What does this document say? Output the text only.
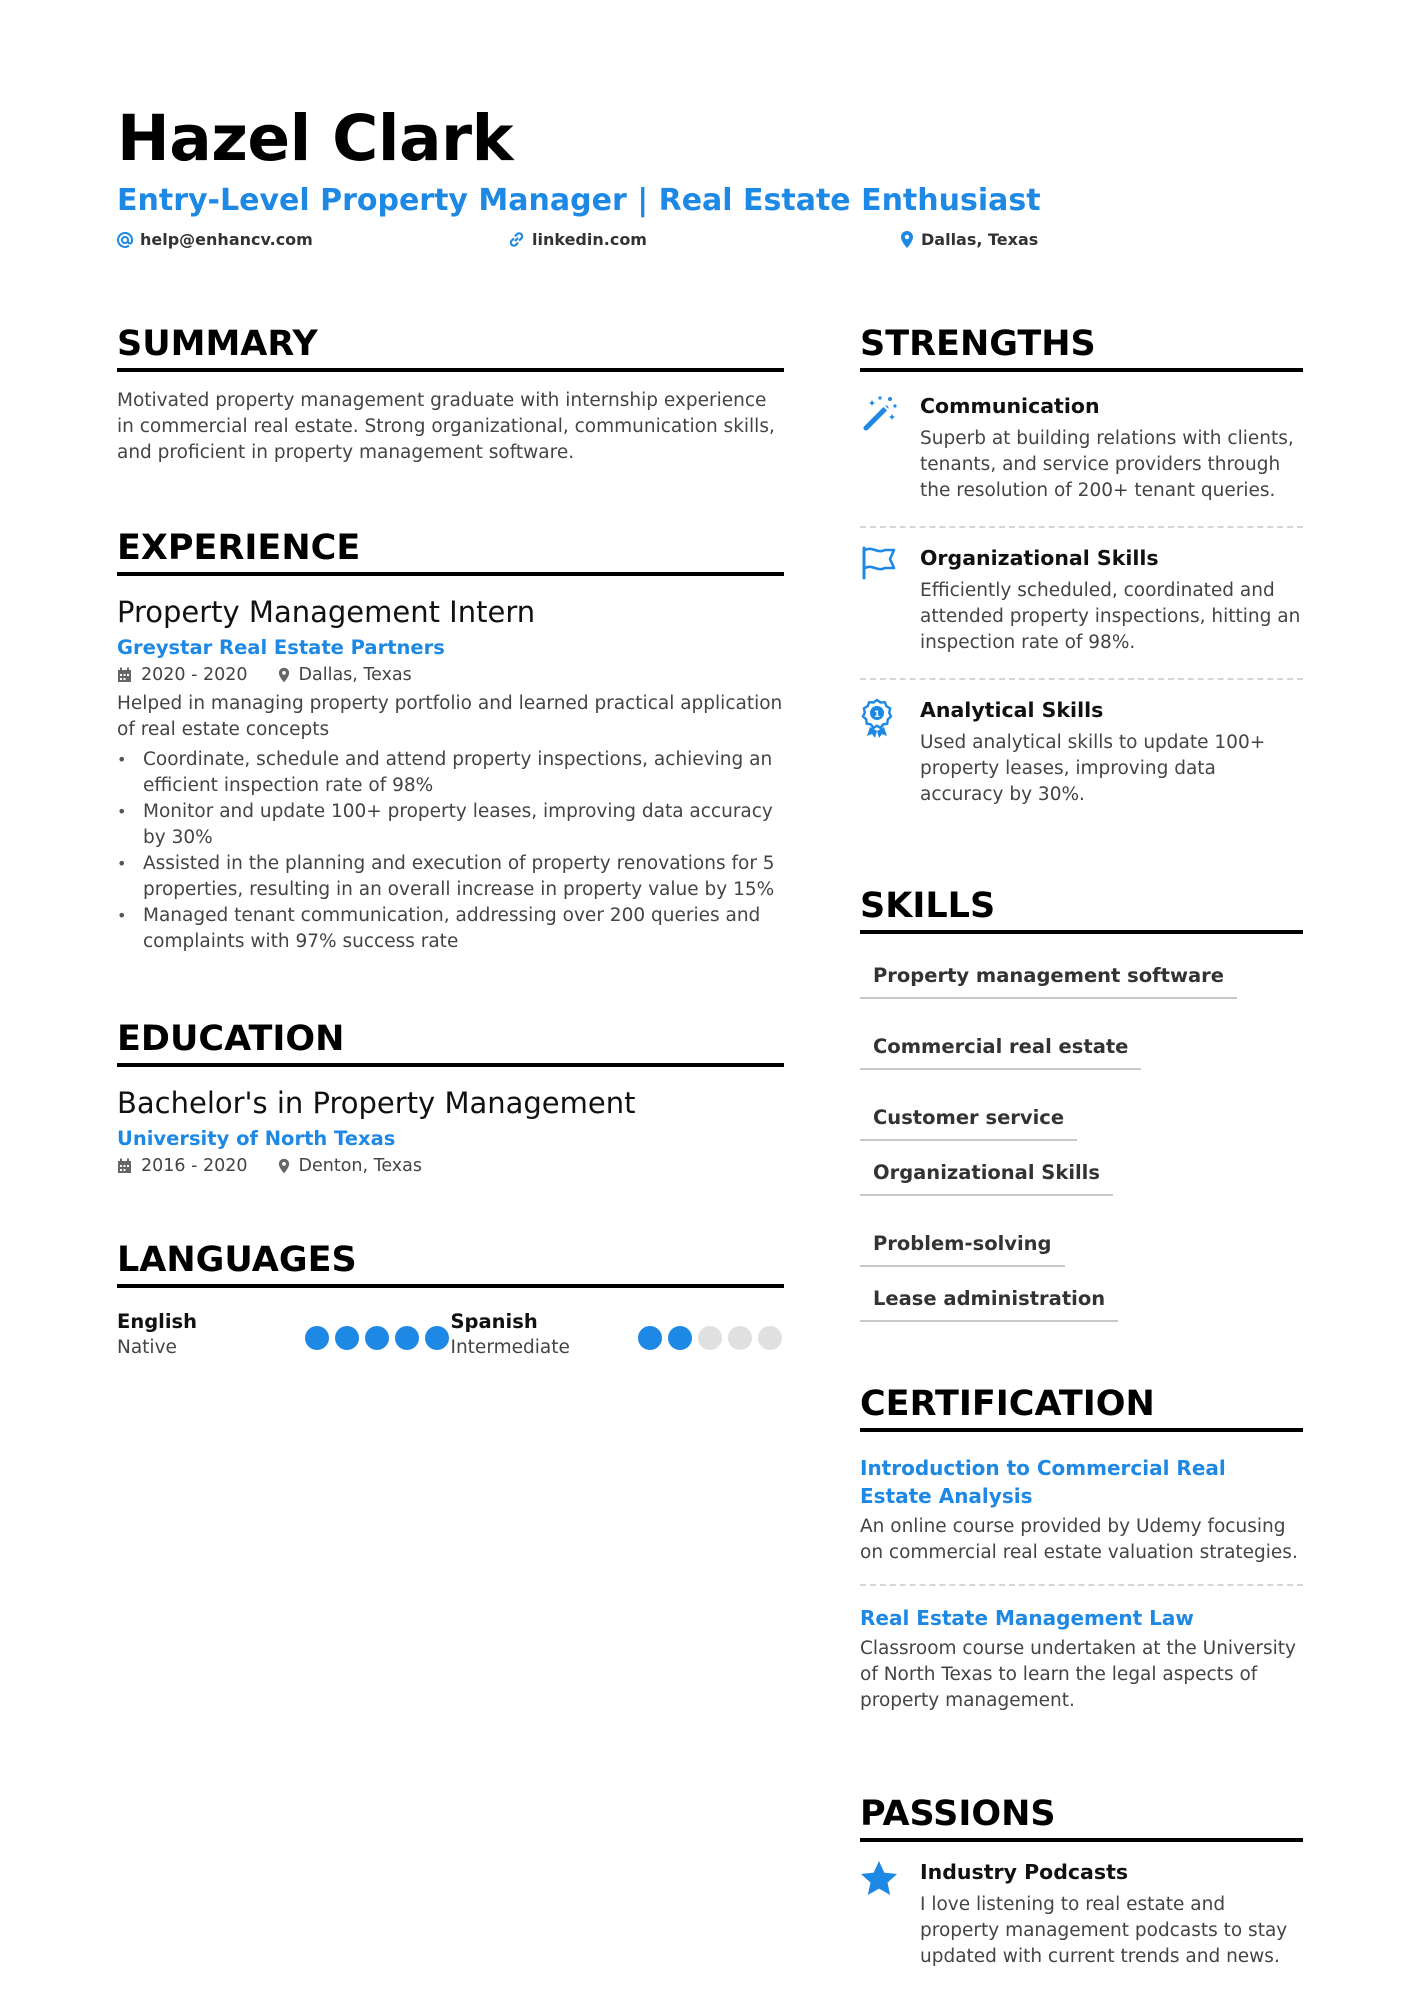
Hazel Clark
Entry-Level Property Manager | Real Estate Enthusiast
help@enhancv.com	linkedin.com	Dallas, Texas
SUMMARY
Motivated property management graduate with internship experience in commercial real estate. Strong organizational, communication skills, and proficient in property management software.
EXPERIENCE
Property Management Intern
Greystar Real Estate Partners
2020 - 2020	Dallas, Texas
Helped in managing property portfolio and learned practical application of real estate concepts
• Coordinate, schedule and attend property inspections, achieving an efficient inspection rate of 98%
• Monitor and update 100+ property leases, improving data accuracy by 30%
• Assisted in the planning and execution of property renovations for 5 properties, resulting in an overall increase in property value by 15%
• Managed tenant communication, addressing over 200 queries and complaints with 97% success rate
EDUCATION
Bachelor's in Property Management
University of North Texas
2016 - 2020	Denton, Texas
LANGUAGES
English
Native
Spanish
Intermediate
STRENGTHS
Communication
Superb at building relations with clients, tenants, and service providers through the resolution of 200+ tenant queries.
Organizational Skills
Efficiently scheduled, coordinated and attended property inspections, hitting an inspection rate of 98%.
1 Analytical Skills
Used analytical skills to update 100+ property leases, improving data accuracy by 30%.
SKILLS
Property management software
Commercial real estate
Customer service
Organizational Skills
Problem-solving
Lease administration
CERTIFICATION
Introduction to Commercial Real Estate Analysis
An online course provided by Udemy focusing on commercial real estate valuation strategies.
Real Estate Management Law
Classroom course undertaken at the University of North Texas to learn the legal aspects of property management.
PASSIONS
Industry Podcasts
I love listening to real estate and property management podcasts to stay updated with current trends and news.
